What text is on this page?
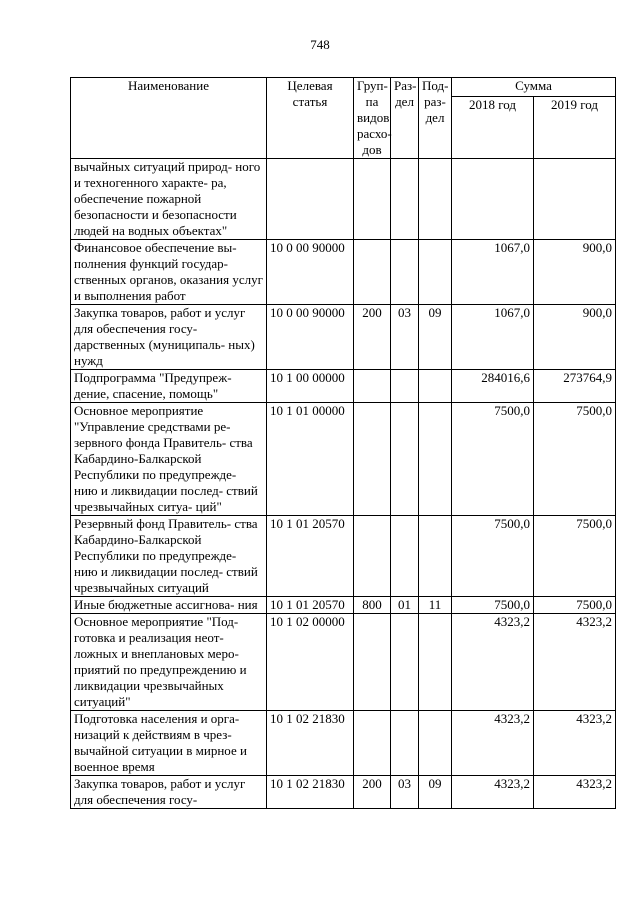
748
Наименование	Целевая статья	Груп- па видов расхо- дов	Раз- дел	Под- раз- дел	Сумма	
					2018 год	2019 год
вычайных ситуаций природ- ного и техногенного характе- ра, обеспечение пожарной безопасности и безопасности людей на водных объектах"						
Финансовое обеспечение вы- полнения функций государ- ственных органов, оказания услуг и выполнения работ	10 0 00 90000				1067,0	900,0
Закупка товаров, работ и услуг для обеспечения госу- дарственных (муниципаль- ных) нужд	10 0 00 90000	200	03	09	1067,0	900,0
Подпрограмма "Предупреж- дение, спасение, помощь"	10 1 00 00000				284016,6	273764,9
Основное мероприятие "Управление средствами ре- зервного фонда Правитель- ства Кабардино-Балкарской Республики по предупрежде- нию и ликвидации послед- ствий чрезвычайных ситуа- ций"	10 1 01 00000				7500,0	7500,0
Резервный фонд Правитель- ства Кабардино-Балкарской Республики по предупрежде- нию и ликвидации послед- ствий чрезвычайных ситуаций	10 1 01 20570				7500,0	7500,0
Иные бюджетные ассигнова- ния	10 1 01 20570	800	01	11	7500,0	7500,0
Основное мероприятие "Под- готовка и реализация неот- ложных и внеплановых меро- приятий по предупреждению и ликвидации чрезвычайных ситуаций"	10 1 02 00000				4323,2	4323,2
Подготовка населения и орга- низаций к действиям в чрез- вычайной ситуации в мирное и военное время	10 1 02 21830				4323,2	4323,2
Закупка товаров, работ и услуг для обеспечения госу-	10 1 02 21830	200	03	09	4323,2	4323,2
